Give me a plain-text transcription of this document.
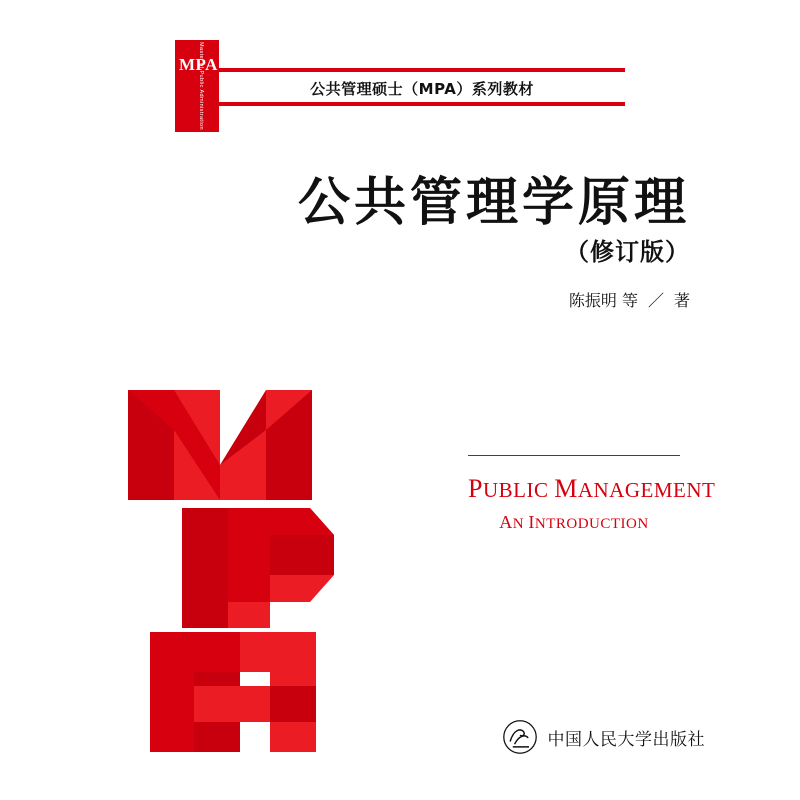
MPA
Master of Public Administration	公共管理硕士（MPA）系列教材
公共管理学原理
（修订版）
陈振明 等 ／ 著
PUBLIC MANAGEMENT
AN INTRODUCTION
中国人民大学出版社
